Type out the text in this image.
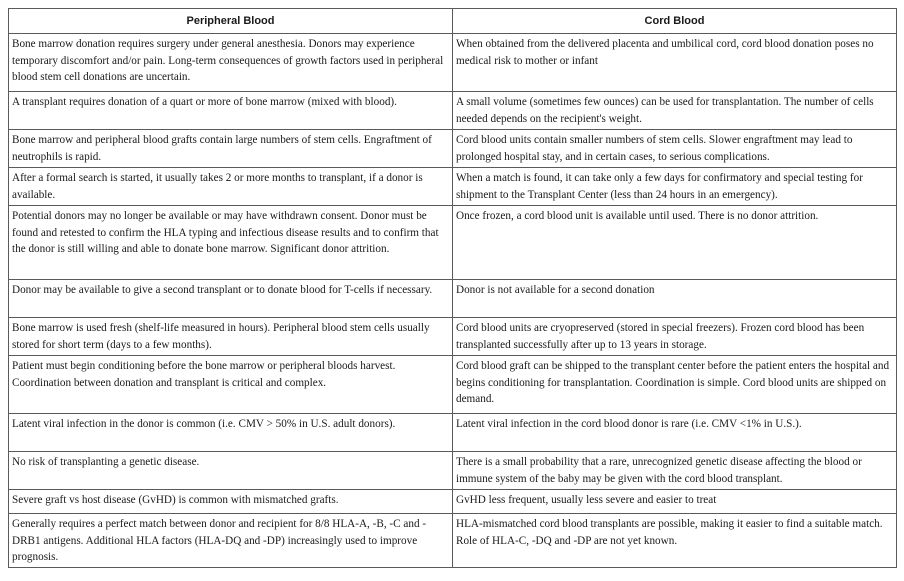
Peripheral Blood	Cord Blood
Bone marrow donation requires surgery under general anesthesia. Donors may experience temporary discomfort and/or pain. Long-term consequences of growth factors used in peripheral blood stem cell donations are uncertain.	When obtained from the delivered placenta and umbilical cord, cord blood donation poses no medical risk to mother or infant
A transplant requires donation of a quart or more of bone marrow (mixed with blood).	A small volume (sometimes few ounces) can be used for transplantation. The number of cells needed depends on the recipient's weight.
Bone marrow and peripheral blood grafts contain large numbers of stem cells. Engraftment of neutrophils is rapid.	Cord blood units contain smaller numbers of stem cells. Slower engraftment may lead to prolonged hospital stay, and in certain cases, to serious complications.
After a formal search is started, it usually takes 2 or more months to transplant, if a donor is available.	When a match is found, it can take only a few days for confirmatory and special testing for shipment to the Transplant Center (less than 24 hours in an emergency).
Potential donors may no longer be available or may have withdrawn consent. Donor must be found and retested to confirm the HLA typing and infectious disease results and to confirm that the donor is still willing and able to donate bone marrow. Significant donor attrition.	Once frozen, a cord blood unit is available until used. There is no donor attrition.
Donor may be available to give a second transplant or to donate blood for T-cells if necessary.	Donor is not available for a second donation
Bone marrow is used fresh (shelf-life measured in hours). Peripheral blood stem cells usually stored for short term (days to a few months).	Cord blood units are cryopreserved (stored in special freezers). Frozen cord blood has been transplanted successfully after up to 13 years in storage.
Patient must begin conditioning before the bone marrow or peripheral bloods harvest. Coordination between donation and transplant is critical and complex.	Cord blood graft can be shipped to the transplant center before the patient enters the hospital and begins conditioning for transplantation. Coordination is simple. Cord blood units are shipped on demand.
Latent viral infection in the donor is common (i.e. CMV > 50% in U.S. adult donors).	Latent viral infection in the cord blood donor is rare (i.e. CMV <1% in U.S.).
No risk of transplanting a genetic disease.	There is a small probability that a rare, unrecognized genetic disease affecting the blood or immune system of the baby may be given with the cord blood transplant.
Severe graft vs host disease (GvHD) is common with mismatched grafts.	GvHD less frequent, usually less severe and easier to treat
Generally requires a perfect match between donor and recipient for 8/8 HLA-A, -B, -C and -DRB1 antigens. Additional HLA factors (HLA-DQ and -DP) increasingly used to improve prognosis.	HLA-mismatched cord blood transplants are possible, making it easier to find a suitable match. Role of HLA-C, -DQ and -DP are not yet known.
